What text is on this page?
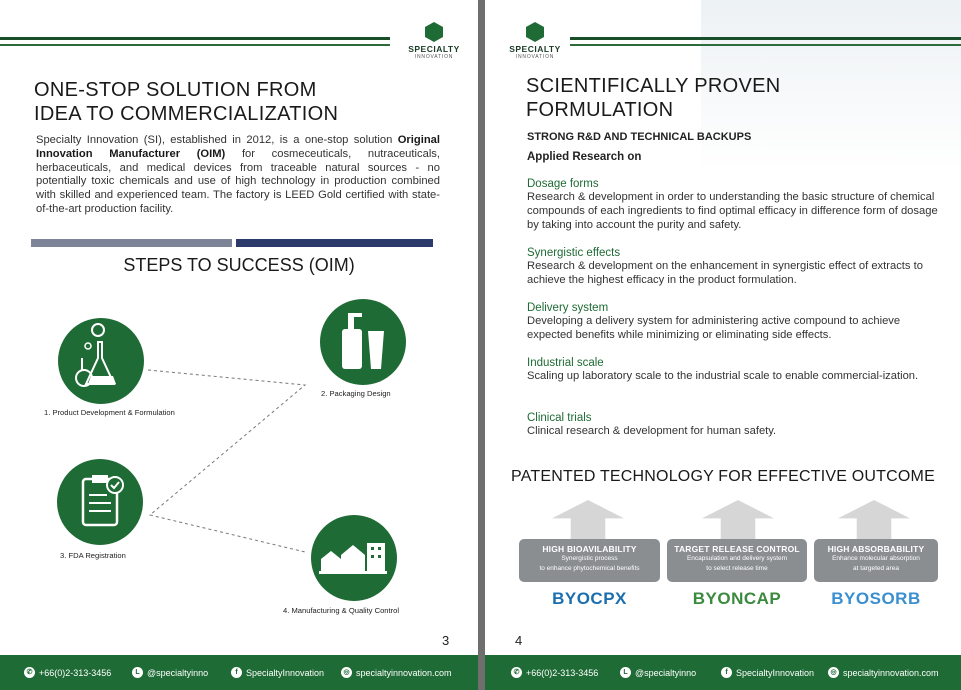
SPECIALTY
INNOVATION
ONE-STOP SOLUTION FROM
IDEA TO COMMERCIALIZATION

Specialty Innovation (SI), established in 2012, is a one-stop solution Original Innovation Manufacturer (OIM) for cosmeceuticals, nutraceuticals, herbaceuticals, and medical devices from traceable natural sources - no potentially toxic chemicals and use of high technology in production combined with skilled and experienced team. The factory is LEED Gold certified with state-of-the-art production facility.

STEPS TO SUCCESS (OIM)
1. Product Development & Formulation
2. Packaging Design
3. FDA Registration
4. Manufacturing & Quality Control
3
✆ +66(0)2-313-3456	L @specialtyinno	f SpecialtyInnovation	◎ specialtyinnovation.com
SPECIALTY
INNOVATION
SCIENTIFICALLY PROVEN
FORMULATION
STRONG R&D AND TECHNICAL BACKUPS
Applied Research on
Dosage forms
Research & development in order to understanding the basic structure of chemical compounds of each ingredients to find optimal efficacy in difference form of dosage by taking into account the purity and safety.
Synergistic effects
Research & development on the enhancement in synergistic effect of extracts to achieve the highest efficacy in the product formulation.
Delivery system
Developing a delivery system for administering active compound to achieve expected benefits while minimizing or eliminating side effects.
Industrial scale
Scaling up laboratory scale to the industrial scale to enable commercial-ization.
Clinical trials
Clinical research & development for human safety.
PATENTED TECHNOLOGY FOR EFFECTIVE OUTCOME
HIGH BIOAVILABILITY
Synergistic process
to enhance phytochemical benefits
TARGET RELEASE CONTROL
Encapsulation and delivery system
to select release time
HIGH ABSORBABILITY
Enhance molecular absorption
at targeted area
BYOCPX	BYONCAP	BYOSORB
4
✆ +66(0)2-313-3456	L @specialtyinno	f SpecialtyInnovation	◎ specialtyinnovation.com
